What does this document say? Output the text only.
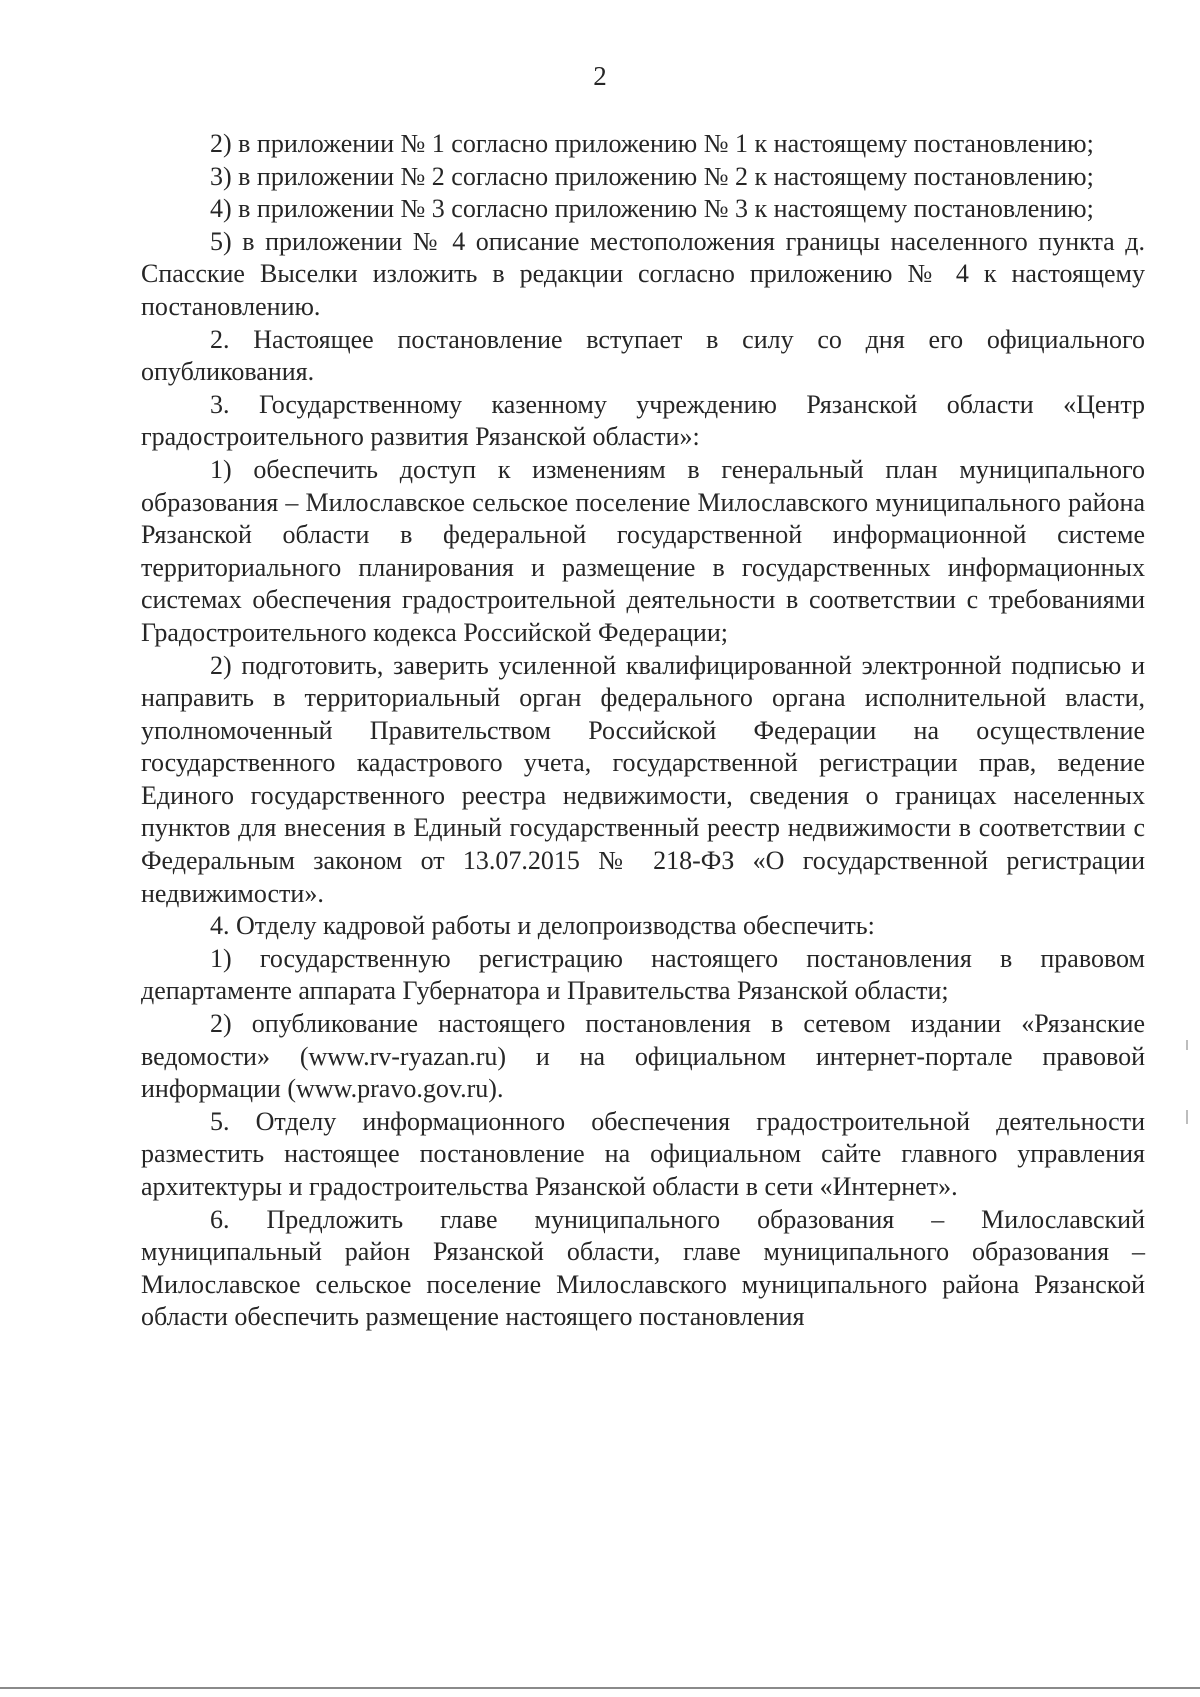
2

2) в приложении № 1 согласно приложению № 1 к настоящему постановлению;

3) в приложении № 2 согласно приложению № 2 к настоящему постановлению;

4) в приложении № 3 согласно приложению № 3 к настоящему постановлению;

5) в приложении № 4 описание местоположения границы населенного пункта д. Спасские Выселки изложить в редакции согласно приложению № 4 к настоящему постановлению.

2. Настоящее постановление вступает в силу со дня его официального опубликования.

3. Государственному казенному учреждению Рязанской области «Центр градостроительного развития Рязанской области»:

1) обеспечить доступ к изменениям в генеральный план муниципального образования – Милославское сельское поселение Милославского муниципального района Рязанской области в федеральной государственной информационной системе территориального планирования и размещение в государственных информационных системах обеспечения градостроительной деятельности в соответствии с требованиями Градостроительного кодекса Российской Федерации;

2) подготовить, заверить усиленной квалифицированной электронной подписью и направить в территориальный орган федерального органа исполнительной власти, уполномоченный Правительством Российской Федерации на осуществление государственного кадастрового учета, государственной регистрации прав, ведение Единого государственного реестра недвижимости, сведения о границах населенных пунктов для внесения в Единый государственный реестр недвижимости в соответствии с Федеральным законом от 13.07.2015 № 218-ФЗ «О государственной регистрации недвижимости».

4. Отделу кадровой работы и делопроизводства обеспечить:

1) государственную регистрацию настоящего постановления в правовом департаменте аппарата Губернатора и Правительства Рязанской области;

2) опубликование настоящего постановления в сетевом издании «Рязанские ведомости» (www.rv-ryazan.ru) и на официальном интернет-портале правовой информации (www.pravo.gov.ru).

5. Отделу информационного обеспечения градостроительной деятельности разместить настоящее постановление на официальном сайте главного управления архитектуры и градостроительства Рязанской области в сети «Интернет».

6. Предложить главе муниципального образования – Милославский муниципальный район Рязанской области, главе муниципального образования – Милославское сельское поселение Милославского муниципального района Рязанской области обеспечить размещение настоящего постановления
